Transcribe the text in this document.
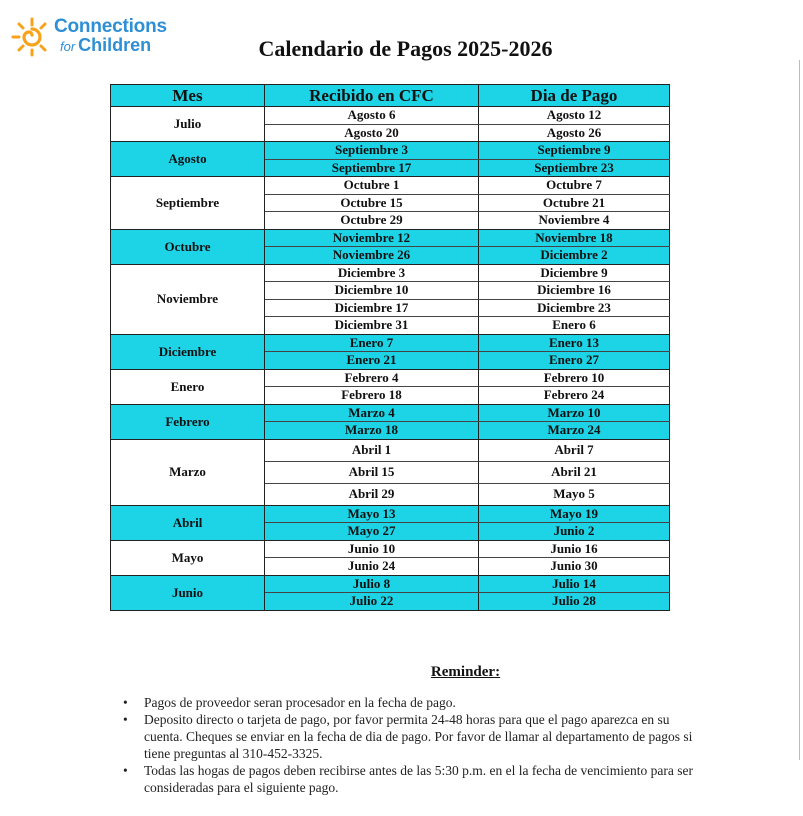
Connections
for Children	Calendario de Pagos 2025-2026
Mes	Recibido en CFC	Dia de Pago
Julio	Agosto 6	Agosto 12
	Agosto 20	Agosto 26
Agosto	Septiembre 3	Septiembre 9
	Septiembre 17	Septiembre 23
Septiembre	Octubre 1	Octubre 7
	Octubre 15	Octubre 21
	Octubre 29	Noviembre 4
Octubre	Noviembre 12	Noviembre 18
	Noviembre 26	Diciembre 2
Noviembre	Diciembre 3	Diciembre 9
	Diciembre 10	Diciembre 16
	Diciembre 17	Diciembre 23
	Diciembre 31	Enero 6
Diciembre	Enero 7	Enero 13
	Enero 21	Enero 27
Enero	Febrero 4	Febrero 10
	Febrero 18	Febrero 24
Febrero	Marzo 4	Marzo 10
	Marzo 18	Marzo 24
Marzo	Abril 1	Abril 7
	Abril 15	Abril 21
	Abril 29	Mayo 5
Abril	Mayo 13	Mayo 19
	Mayo 27	Junio 2
Mayo	Junio 10	Junio 16
	Junio 24	Junio 30
Junio	Julio 8	Julio 14
	Julio 22	Julio 28
Reminder:
• Pagos de proveedor seran procesador en la fecha de pago.
• Deposito directo o tarjeta de pago, por favor permita 24-48 horas para que el pago aparezca en su cuenta. Cheques se enviar en la fecha de dia de pago. Por favor de llamar al departamento de pagos si tiene preguntas al 310-452-3325.
• Todas las hogas de pagos deben recibirse antes de las 5:30 p.m. en el la fecha de vencimiento para ser consideradas para el siguiente pago.
